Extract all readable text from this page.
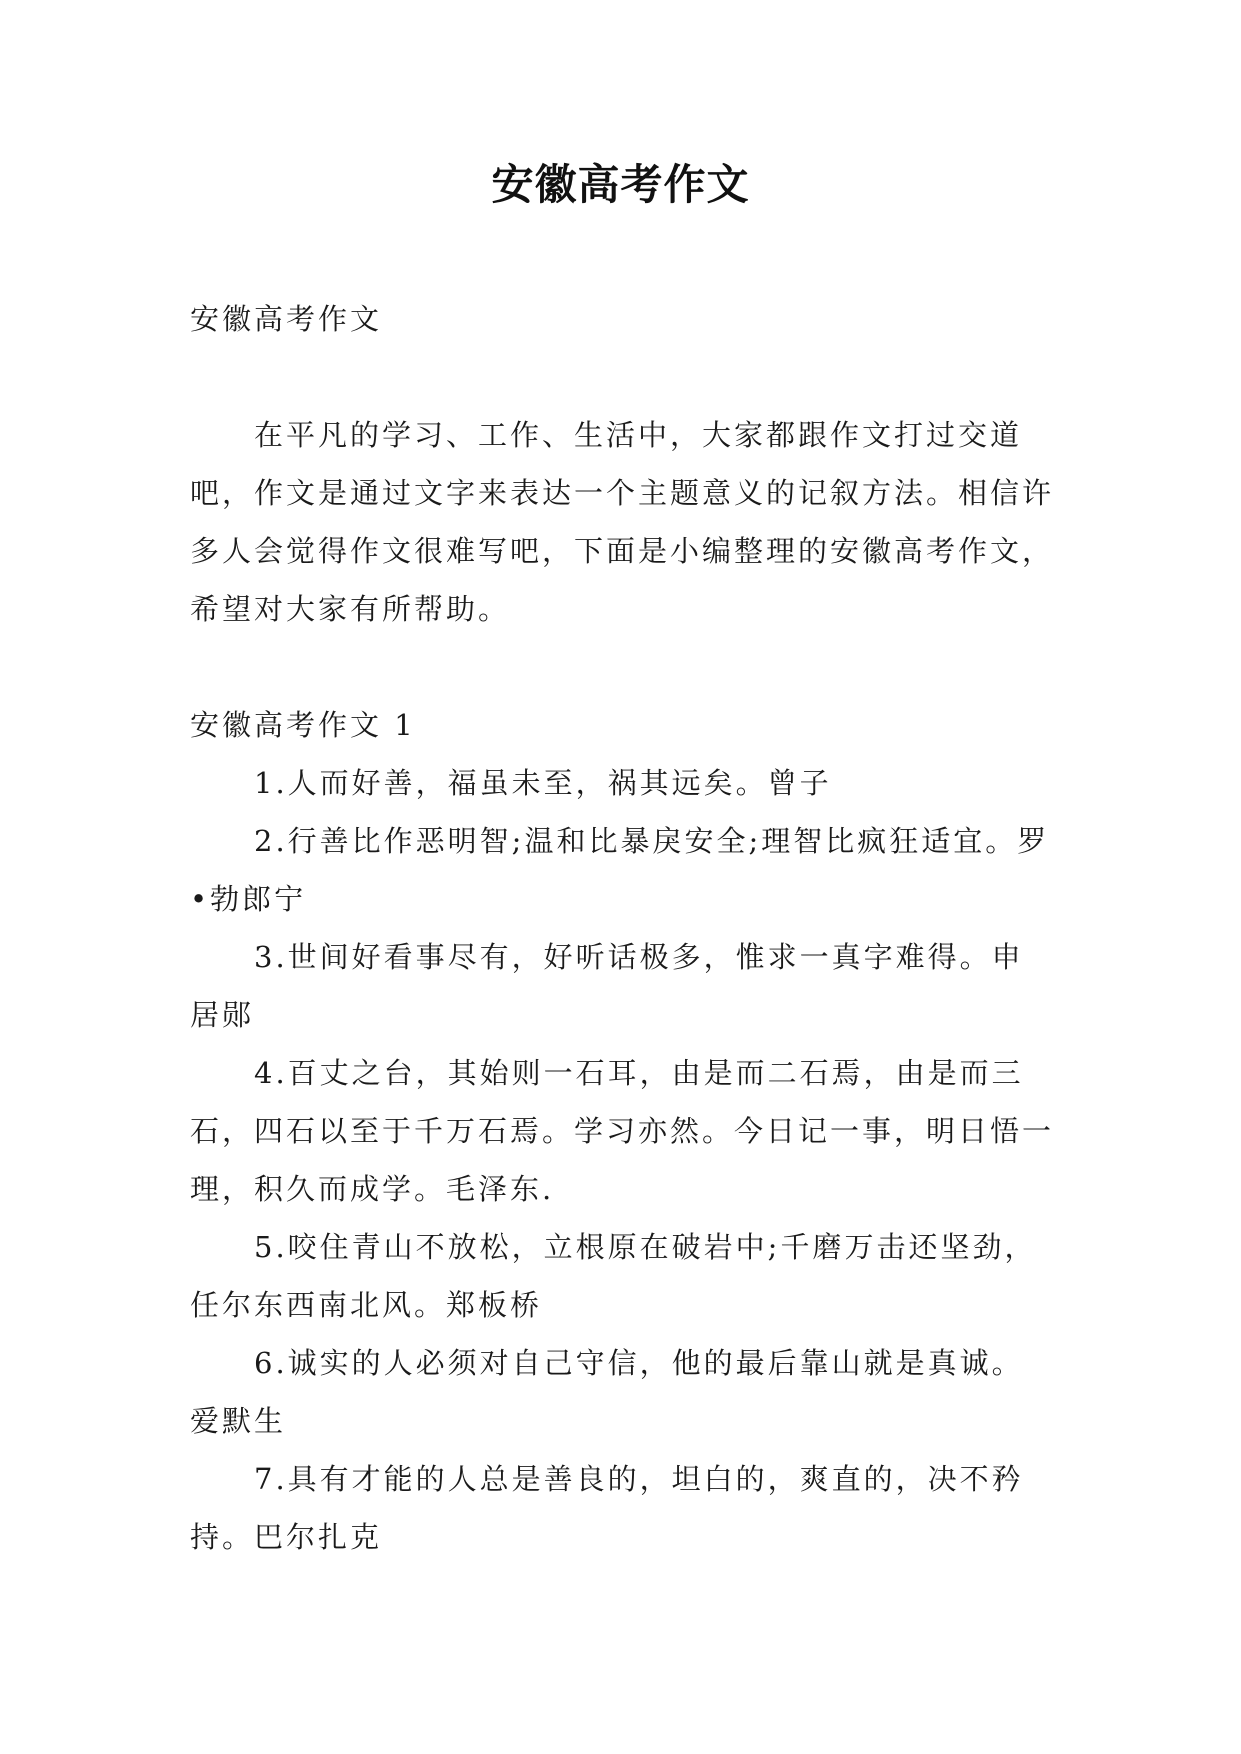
安徽高考作文

安徽高考作文

在平凡的学习、工作、生活中，大家都跟作文打过交道吧，作文是通过文字来表达一个主题意义的记叙方法。相信许多人会觉得作文很难写吧，下面是小编整理的安徽高考作文，希望对大家有所帮助。

安徽高考作文 1

1.人而好善，福虽未至，祸其远矣。曾子

2.行善比作恶明智;温和比暴戾安全;理智比疯狂适宜。罗•勃郎宁

3.世间好看事尽有，好听话极多，惟求一真字难得。申居郧

4.百丈之台，其始则一石耳，由是而二石焉，由是而三石，四石以至于千万石焉。学习亦然。今日记一事，明日悟一理，积久而成学。毛泽东.

5.咬住青山不放松，立根原在破岩中;千磨万击还坚劲，任尔东西南北风。郑板桥

6.诚实的人必须对自己守信，他的最后靠山就是真诚。爱默生

7.具有才能的人总是善良的，坦白的，爽直的，决不矜持。巴尔扎克
